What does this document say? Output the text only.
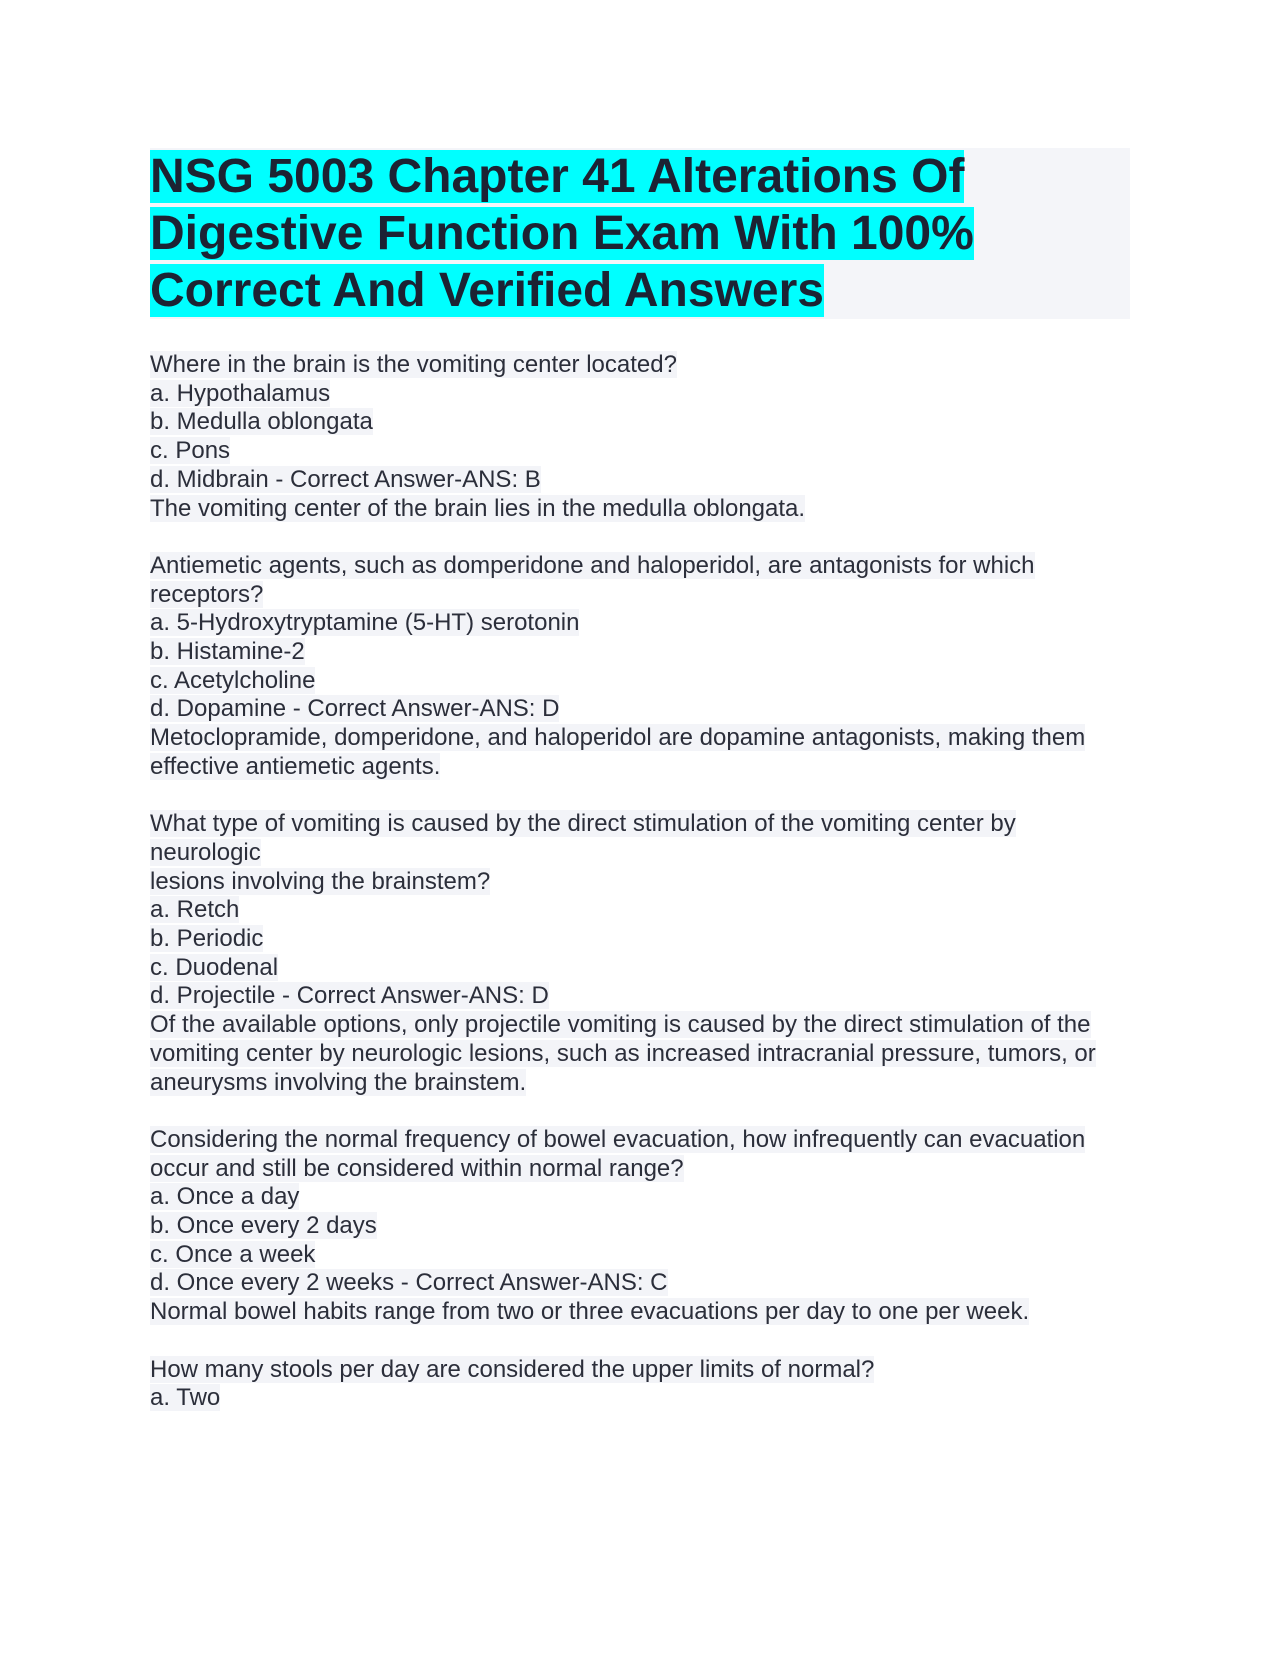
NSG 5003 Chapter 41 Alterations Of Digestive Function Exam With 100% Correct And Verified Answers
Where in the brain is the vomiting center located?
a. Hypothalamus
b. Medulla oblongata
c. Pons
d. Midbrain - Correct Answer-ANS: B
The vomiting center of the brain lies in the medulla oblongata.
Antiemetic agents, such as domperidone and haloperidol, are antagonists for which receptors?
a. 5-Hydroxytryptamine (5-HT) serotonin
b. Histamine-2
c. Acetylcholine
d. Dopamine - Correct Answer-ANS: D
Metoclopramide, domperidone, and haloperidol are dopamine antagonists, making them effective antiemetic agents.
What type of vomiting is caused by the direct stimulation of the vomiting center by neurologic
lesions involving the brainstem?
a. Retch
b. Periodic
c. Duodenal
d. Projectile - Correct Answer-ANS: D
Of the available options, only projectile vomiting is caused by the direct stimulation of the
vomiting center by neurologic lesions, such as increased intracranial pressure, tumors, or
aneurysms involving the brainstem.
Considering the normal frequency of bowel evacuation, how infrequently can evacuation occur and still be considered within normal range?
a. Once a day
b. Once every 2 days
c. Once a week
d. Once every 2 weeks - Correct Answer-ANS: C
Normal bowel habits range from two or three evacuations per day to one per week.
How many stools per day are considered the upper limits of normal?
a. Two
